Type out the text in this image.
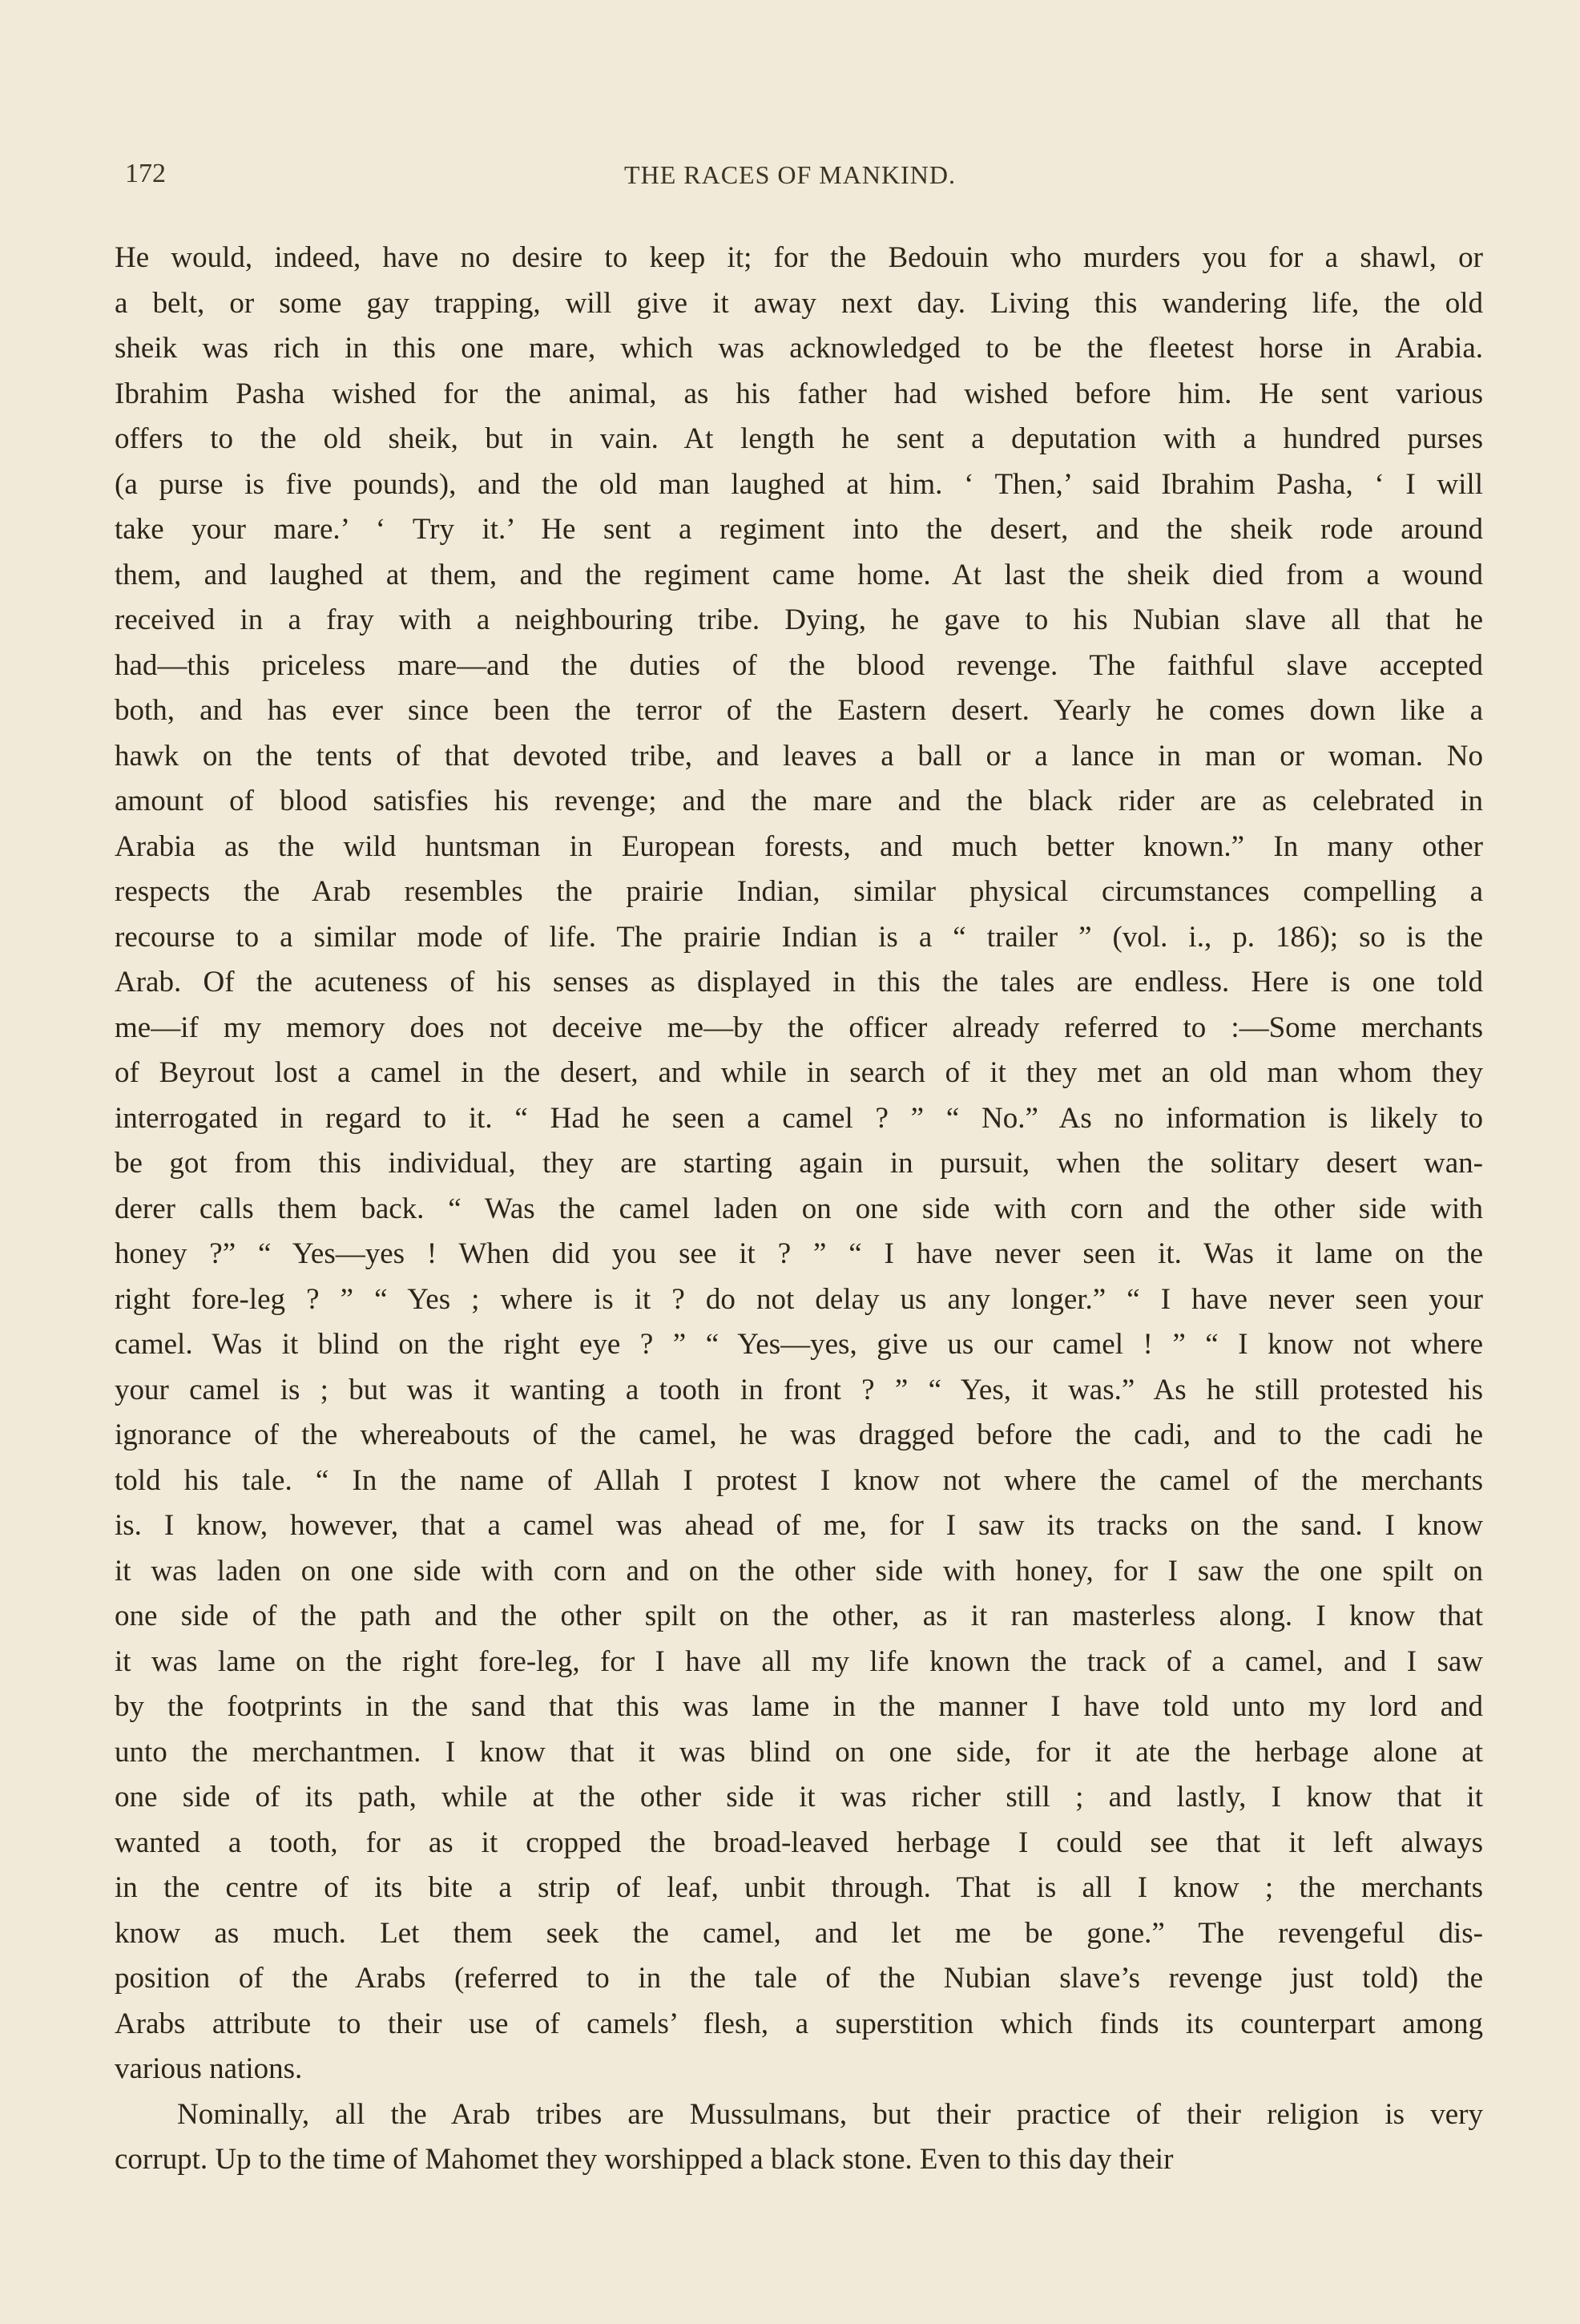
172	THE RACES OF MANKIND.
He would, indeed, have no desire to keep it; for the Bedouin who murders you for a shawl, or
a belt, or some gay trapping, will give it away next day. Living this wandering life, the old
sheik was rich in this one mare, which was acknowledged to be the fleetest horse in Arabia.
Ibrahim Pasha wished for the animal, as his father had wished before him. He sent various
offers to the old sheik, but in vain. At length he sent a deputation with a hundred purses
(a purse is five pounds), and the old man laughed at him. ‘ Then,’ said Ibrahim Pasha, ‘ I will
take your mare.’ ‘ Try it.’ He sent a regiment into the desert, and the sheik rode around
them, and laughed at them, and the regiment came home. At last the sheik died from a wound
received in a fray with a neighbouring tribe. Dying, he gave to his Nubian slave all that he
had—this priceless mare—and the duties of the blood revenge. The faithful slave accepted
both, and has ever since been the terror of the Eastern desert. Yearly he comes down like a
hawk on the tents of that devoted tribe, and leaves a ball or a lance in man or woman. No
amount of blood satisfies his revenge; and the mare and the black rider are as celebrated in
Arabia as the wild huntsman in European forests, and much better known.” In many other
respects the Arab resembles the prairie Indian, similar physical circumstances compelling a
recourse to a similar mode of life. The prairie Indian is a “ trailer ” (vol. i., p. 186); so is the
Arab. Of the acuteness of his senses as displayed in this the tales are endless. Here is one told
me—if my memory does not deceive me—by the officer already referred to :—Some merchants
of Beyrout lost a camel in the desert, and while in search of it they met an old man whom they
interrogated in regard to it. “ Had he seen a camel ? ” “ No.” As no information is likely to
be got from this individual, they are starting again in pursuit, when the solitary desert wan-
derer calls them back. “ Was the camel laden on one side with corn and the other side with
honey ?” “ Yes—yes ! When did you see it ? ” “ I have never seen it. Was it lame on the
right fore-leg ? ” “ Yes ; where is it ? do not delay us any longer.” “ I have never seen your
camel. Was it blind on the right eye ? ” “ Yes—yes, give us our camel ! ” “ I know not where
your camel is ; but was it wanting a tooth in front ? ” “ Yes, it was.” As he still protested his
ignorance of the whereabouts of the camel, he was dragged before the cadi, and to the cadi he
told his tale. “ In the name of Allah I protest I know not where the camel of the merchants
is. I know, however, that a camel was ahead of me, for I saw its tracks on the sand. I know
it was laden on one side with corn and on the other side with honey, for I saw the one spilt on
one side of the path and the other spilt on the other, as it ran masterless along. I know that
it was lame on the right fore-leg, for I have all my life known the track of a camel, and I saw
by the footprints in the sand that this was lame in the manner I have told unto my lord and
unto the merchantmen. I know that it was blind on one side, for it ate the herbage alone at
one side of its path, while at the other side it was richer still ; and lastly, I know that it
wanted a tooth, for as it cropped the broad-leaved herbage I could see that it left always
in the centre of its bite a strip of leaf, unbit through. That is all I know ; the merchants
know as much. Let them seek the camel, and let me be gone.” The revengeful dis-
position of the Arabs (referred to in the tale of the Nubian slave’s revenge just told) the
Arabs attribute to their use of camels’ flesh, a superstition which finds its counterpart among
various nations.
Nominally, all the Arab tribes are Mussulmans, but their practice of their religion is very
corrupt. Up to the time of Mahomet they worshipped a black stone. Even to this day their
